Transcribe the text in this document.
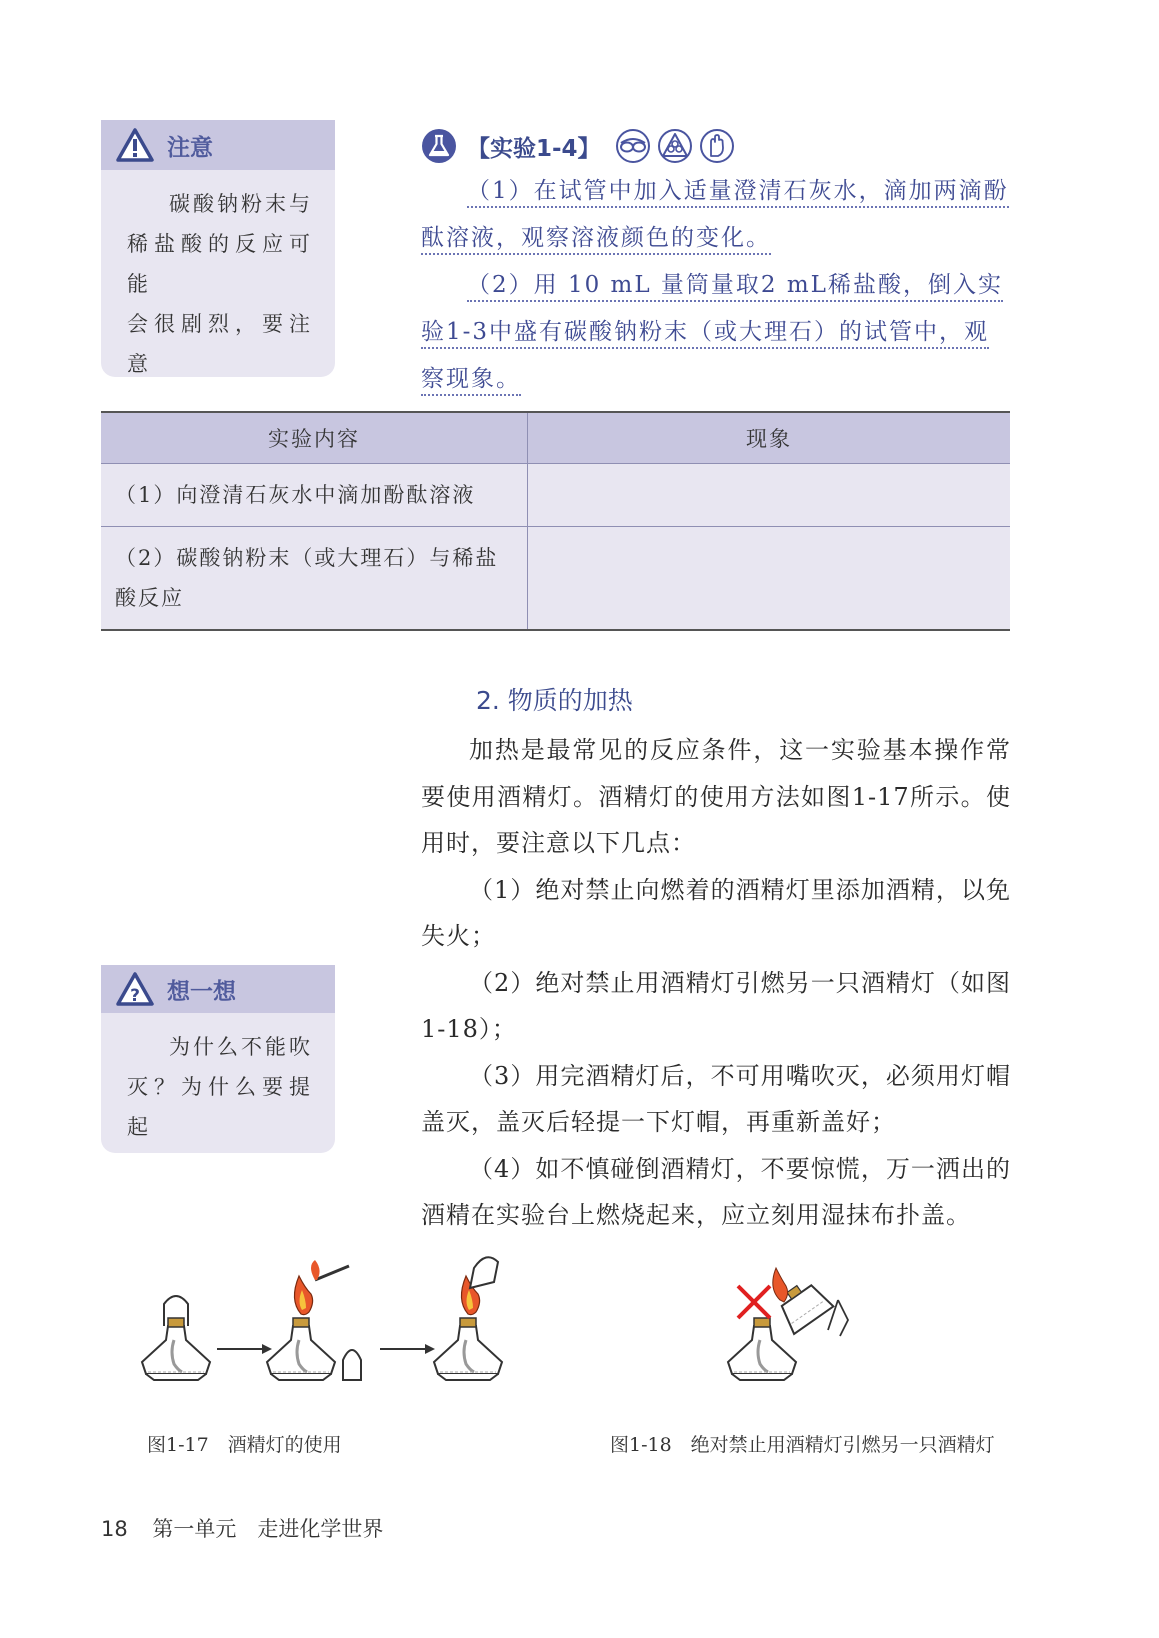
注意
碳酸钠粉末与
稀盐酸的反应可能
会很剧烈，要注意
【实验1-4】

（1）在试管中加入适量澄清石灰水，滴加两滴酚酞溶液，观察溶液颜色的变化。

（2）用 10 mL 量筒量取2 mL稀盐酸，倒入实验1-3中盛有碳酸钠粉末（或大理石）的试管中，观察现象。

实验内容	现象
（1）向澄清石灰水中滴加酚酞溶液	
（2）碳酸钠粉末（或大理石）与稀盐酸反应	
2. 物质的加热

加热是最常见的反应条件，这一实验基本操作常要使用酒精灯。酒精灯的使用方法如图1-17所示。使用时，要注意以下几点：

（1）绝对禁止向燃着的酒精灯里添加酒精，以免失火；

（2）绝对禁止用酒精灯引燃另一只酒精灯（如图1-18）；

（3）用完酒精灯后，不可用嘴吹灭，必须用灯帽盖灭，盖灭后轻提一下灯帽，再重新盖好；

（4）如不慎碰倒酒精灯，不要惊慌，万一洒出的酒精在实验台上燃烧起来，应立刻用湿抹布扑盖。

? 想一想
为什么不能吹
灭？为什么要提起
图1-17　酒精灯的使用	图1-18　绝对禁止用酒精灯引燃另一只酒精灯
18 第一单元　走进化学世界
